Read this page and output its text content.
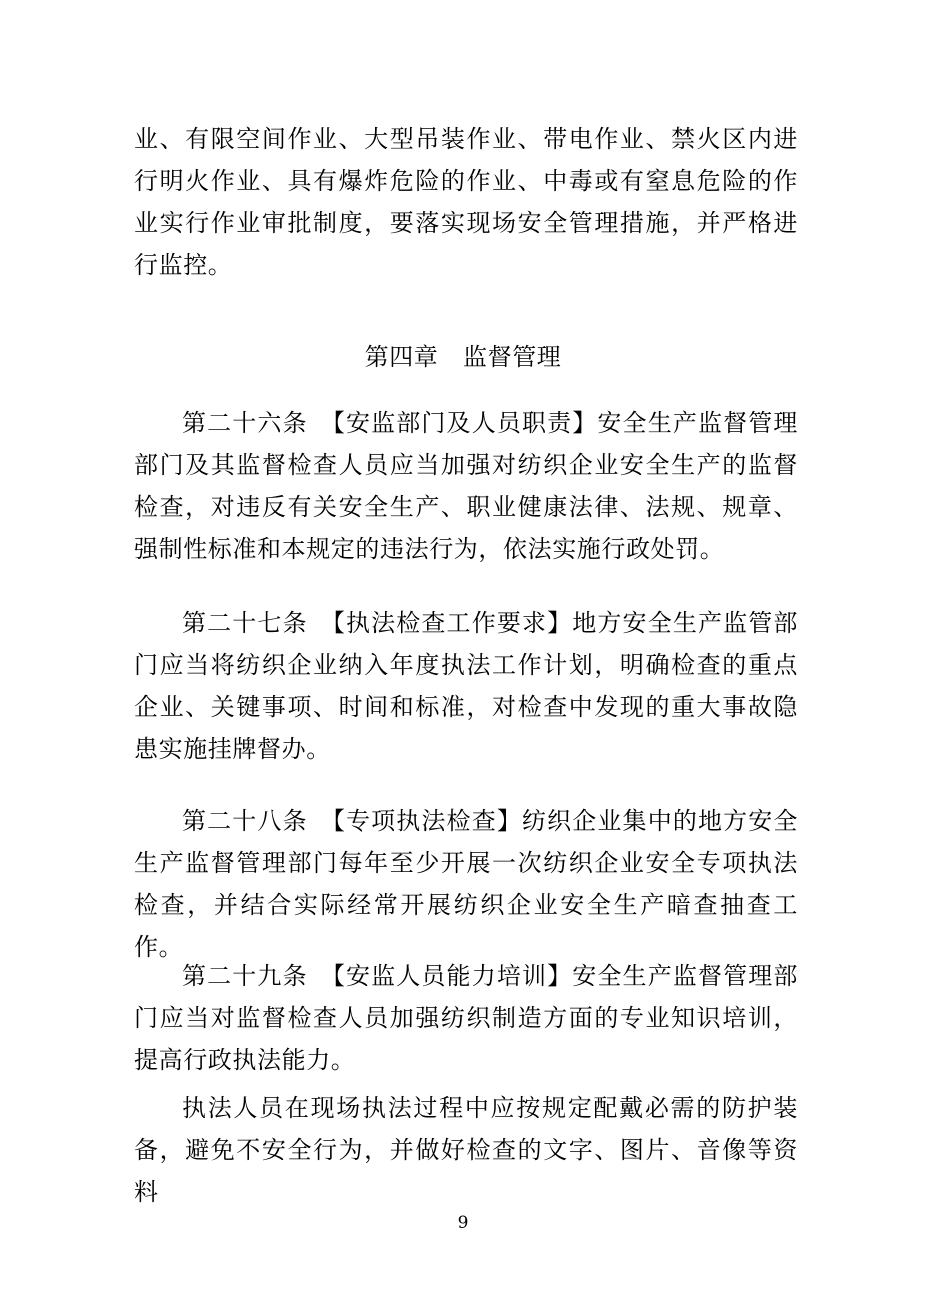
业、有限空间作业、大型吊装作业、带电作业、禁火区内进行明火作业、具有爆炸危险的作业、中毒或有窒息危险的作业实行作业审批制度，要落实现场安全管理措施，并严格进行监控。

第四章　监督管理

第二十六条　【安监部门及人员职责】安全生产监督管理部门及其监督检查人员应当加强对纺织企业安全生产的监督检查，对违反有关安全生产、职业健康法律、法规、规章、强制性标准和本规定的违法行为，依法实施行政处罚。

第二十七条　【执法检查工作要求】地方安全生产监管部门应当将纺织企业纳入年度执法工作计划，明确检查的重点企业、关键事项、时间和标准，对检查中发现的重大事故隐患实施挂牌督办。

第二十八条　【专项执法检查】纺织企业集中的地方安全生产监督管理部门每年至少开展一次纺织企业安全专项执法检查，并结合实际经常开展纺织企业安全生产暗查抽查工作。

第二十九条　【安监人员能力培训】安全生产监督管理部门应当对监督检查人员加强纺织制造方面的专业知识培训，提高行政执法能力。

执法人员在现场执法过程中应按规定配戴必需的防护装备，避免不安全行为，并做好检查的文字、图片、音像等资料

9
